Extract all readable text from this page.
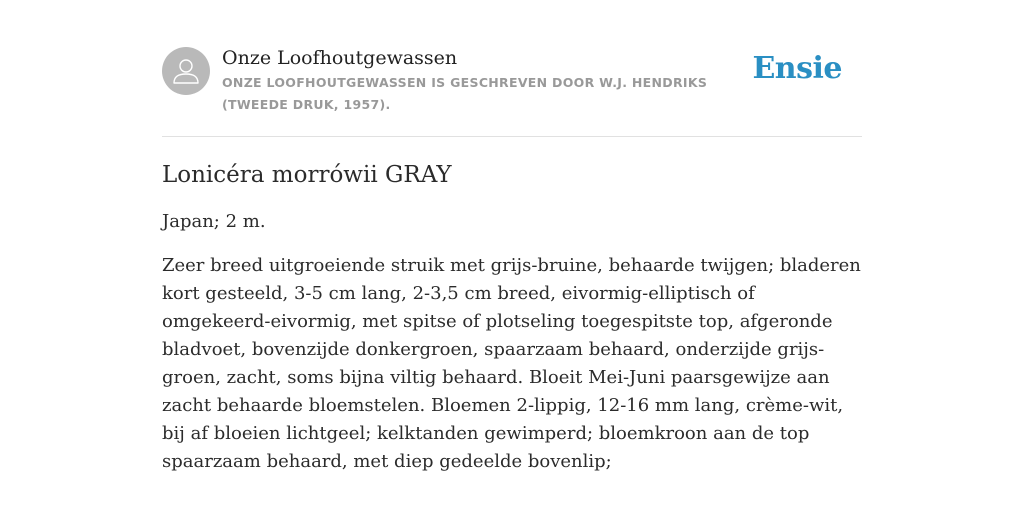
Onze Loofhoutgewassen
ONZE LOOFHOUTGEWASSEN IS GESCHREVEN DOOR W.J. HENDRIKS (TWEEDE DRUK, 1957).
Ensie
Lonicéra morrówii GRAY

Japan; 2 m.

Zeer breed uitgroeiende struik met grijs-bruine, behaarde twijgen; bladeren kort gesteeld, 3-5 cm lang, 2-3,5 cm breed, eivormig-elliptisch of omgekeerd-eivormig, met spitse of plotseling toegespitste top, afgeronde bladvoet, bovenzijde donkergroen, spaarzaam behaard, onderzijde grijs-groen, zacht, soms bijna viltig behaard. Bloeit Mei-Juni paarsgewijze aan zacht behaarde bloemstelen. Bloemen 2-lippig, 12-16 mm lang, crème-wit, bij af bloeien lichtgeel; kelktanden gewimperd; bloemkroon aan de top spaarzaam behaard, met diep gedeelde bovenlip;
